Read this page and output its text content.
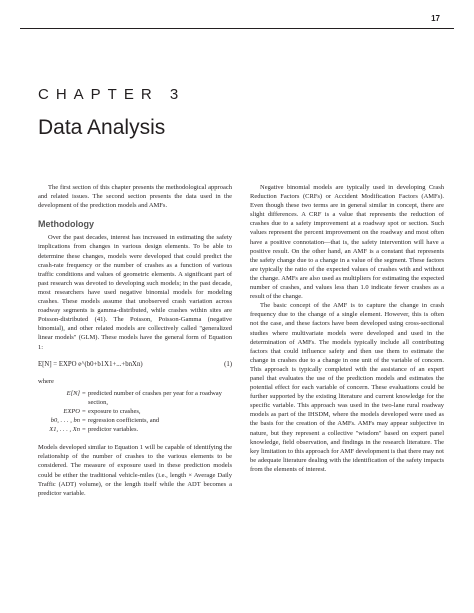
17
CHAPTER 3
Data Analysis

The first section of this chapter presents the methodological approach and related issues. The second section presents the data used in the development of the prediction models and AMFs.

Methodology

Over the past decades, interest has increased in estimating the safety implications from changes in various design elements. To be able to determine these changes, models were developed that could predict the crash-rate frequency or the number of crashes as a function of various traffic conditions and values of geometric elements. A significant part of past research was devoted to developing such models; in the past decade, most researchers have used negative binomial models for modeling crashes. These models assume that unobserved crash variation across roadway segments is gamma-distributed, while crashes within sites are Poisson-distributed (41). The Poisson, Poisson-Gamma (negative binomial), and other related models are collectively called "generalized linear models" (GLM). These models have the general form of Equation 1:

E[N] = EXPO e^(b0+b1X1+...+bnXn)	(1)

where

E[N] = predicted number of crashes per year for a roadway section,
EXPO = exposure to crashes,
b0, . . . , bn = regression coefficients, and
X1, . . . , Xn = predictor variables.

Models developed similar to Equation 1 will be capable of identifying the relationship of the number of crashes to the various elements to be considered. The measure of exposure used in these prediction models could be either the traditional vehicle-miles (i.e., length × Average Daily Traffic (ADT) volume), or the length itself while the ADT becomes a predictor variable.

Negative binomial models are typically used in developing Crash Reduction Factors (CRFs) or Accident Modification Factors (AMFs). Even though these two terms are in general similar in concept, there are slight differences. A CRF is a value that represents the reduction of crashes due to a safety improvement at a roadway spot or section. Such values represent the percent improvement on the roadway and most often have a positive connotation—that is, the safety intervention will have a positive result. On the other hand, an AMF is a constant that represents the safety change due to a change in a value of the segment. These factors are typically the ratio of the expected values of crashes with and without the change. AMFs are also used as multipliers for estimating the expected number of crashes, and values less than 1.0 indicate fewer crashes as a result of the change.

The basic concept of the AMF is to capture the change in crash frequency due to the change of a single element. However, this is often not the case, and these factors have been developed using cross-sectional studies where multivariate models were developed and used in the determination of AMFs. The models typically include all contributing factors that could influence safety and then use them to estimate the change in crashes due to a change in one unit of the variable of concern. This approach is typically completed with the assistance of an expert panel that evaluates the use of the prediction models and estimates the potential effect for each variable of concern. These evaluations could be further supported by the existing literature and current knowledge for the specific variable. This approach was used in the two-lane rural roadway models as part of the IHSDM, where the models developed were used as the basis for the creation of the AMFs. AMFs may appear subjective in nature, but they represent a collective "wisdom" based on expert panel knowledge, field observation, and findings in the research literature. The key limitation to this approach for AMF development is that there may not be adequate literature dealing with the identification of the safety impacts from the elements of interest.
